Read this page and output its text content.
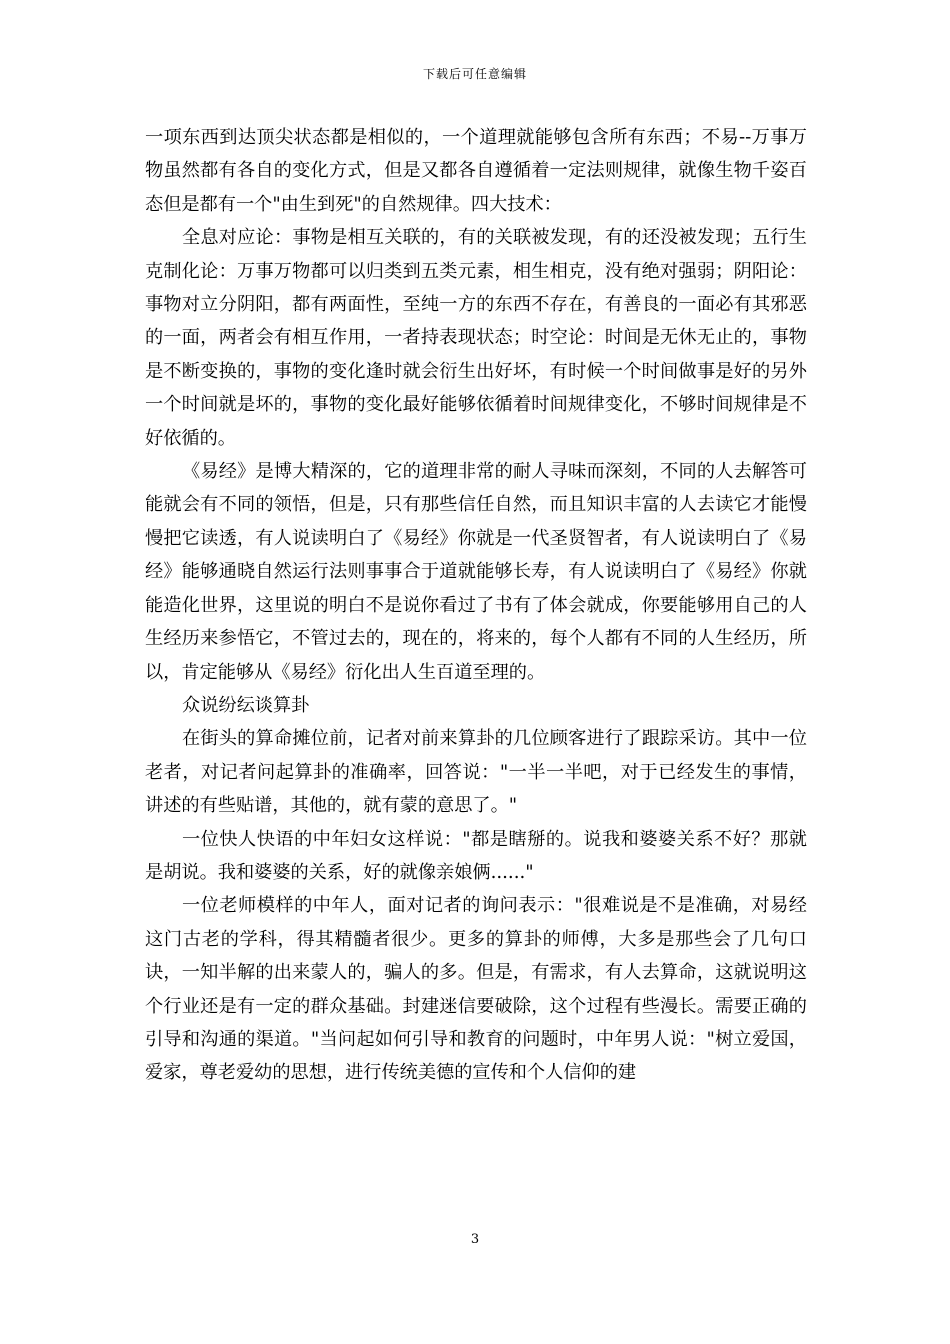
下载后可任意编辑

一项东西到达顶尖状态都是相似的，一个道理就能够包含所有东西；不易--万事万物虽然都有各自的变化方式，但是又都各自遵循着一定法则规律，就像生物千姿百态但是都有一个"由生到死"的自然规律。四大技术：

全息对应论：事物是相互关联的，有的关联被发现，有的还没被发现；五行生克制化论：万事万物都可以归类到五类元素，相生相克，没有绝对强弱；阴阳论：事物对立分阴阳，都有两面性，至纯一方的东西不存在，有善良的一面必有其邪恶的一面，两者会有相互作用，一者持表现状态；时空论：时间是无休无止的，事物是不断变换的，事物的变化逢时就会衍生出好坏，有时候一个时间做事是好的另外一个时间就是坏的，事物的变化最好能够依循着时间规律变化，不够时间规律是不好依循的。

《易经》是博大精深的，它的道理非常的耐人寻味而深刻，不同的人去解答可能就会有不同的领悟，但是，只有那些信任自然，而且知识丰富的人去读它才能慢慢把它读透，有人说读明白了《易经》你就是一代圣贤智者，有人说读明白了《易经》能够通晓自然运行法则事事合于道就能够长寿，有人说读明白了《易经》你就能造化世界，这里说的明白不是说你看过了书有了体会就成，你要能够用自己的人生经历来参悟它，不管过去的，现在的，将来的，每个人都有不同的人生经历，所以，肯定能够从《易经》衍化出人生百道至理的。

众说纷纭谈算卦

在街头的算命摊位前，记者对前来算卦的几位顾客进行了跟踪采访。其中一位老者，对记者问起算卦的准确率，回答说："一半一半吧，对于已经发生的事情，讲述的有些贴谱，其他的，就有蒙的意思了。"

一位快人快语的中年妇女这样说："都是瞎掰的。说我和婆婆关系不好？那就是胡说。我和婆婆的关系，好的就像亲娘俩......"

一位老师模样的中年人，面对记者的询问表示："很难说是不是准确，对易经这门古老的学科，得其精髓者很少。更多的算卦的师傅，大多是那些会了几句口诀，一知半解的出来蒙人的，骗人的多。但是，有需求，有人去算命，这就说明这个行业还是有一定的群众基础。封建迷信要破除，这个过程有些漫长。需要正确的引导和沟通的渠道。"当问起如何引导和教育的问题时，中年男人说："树立爱国，爱家，尊老爱幼的思想，进行传统美德的宣传和个人信仰的建

3
